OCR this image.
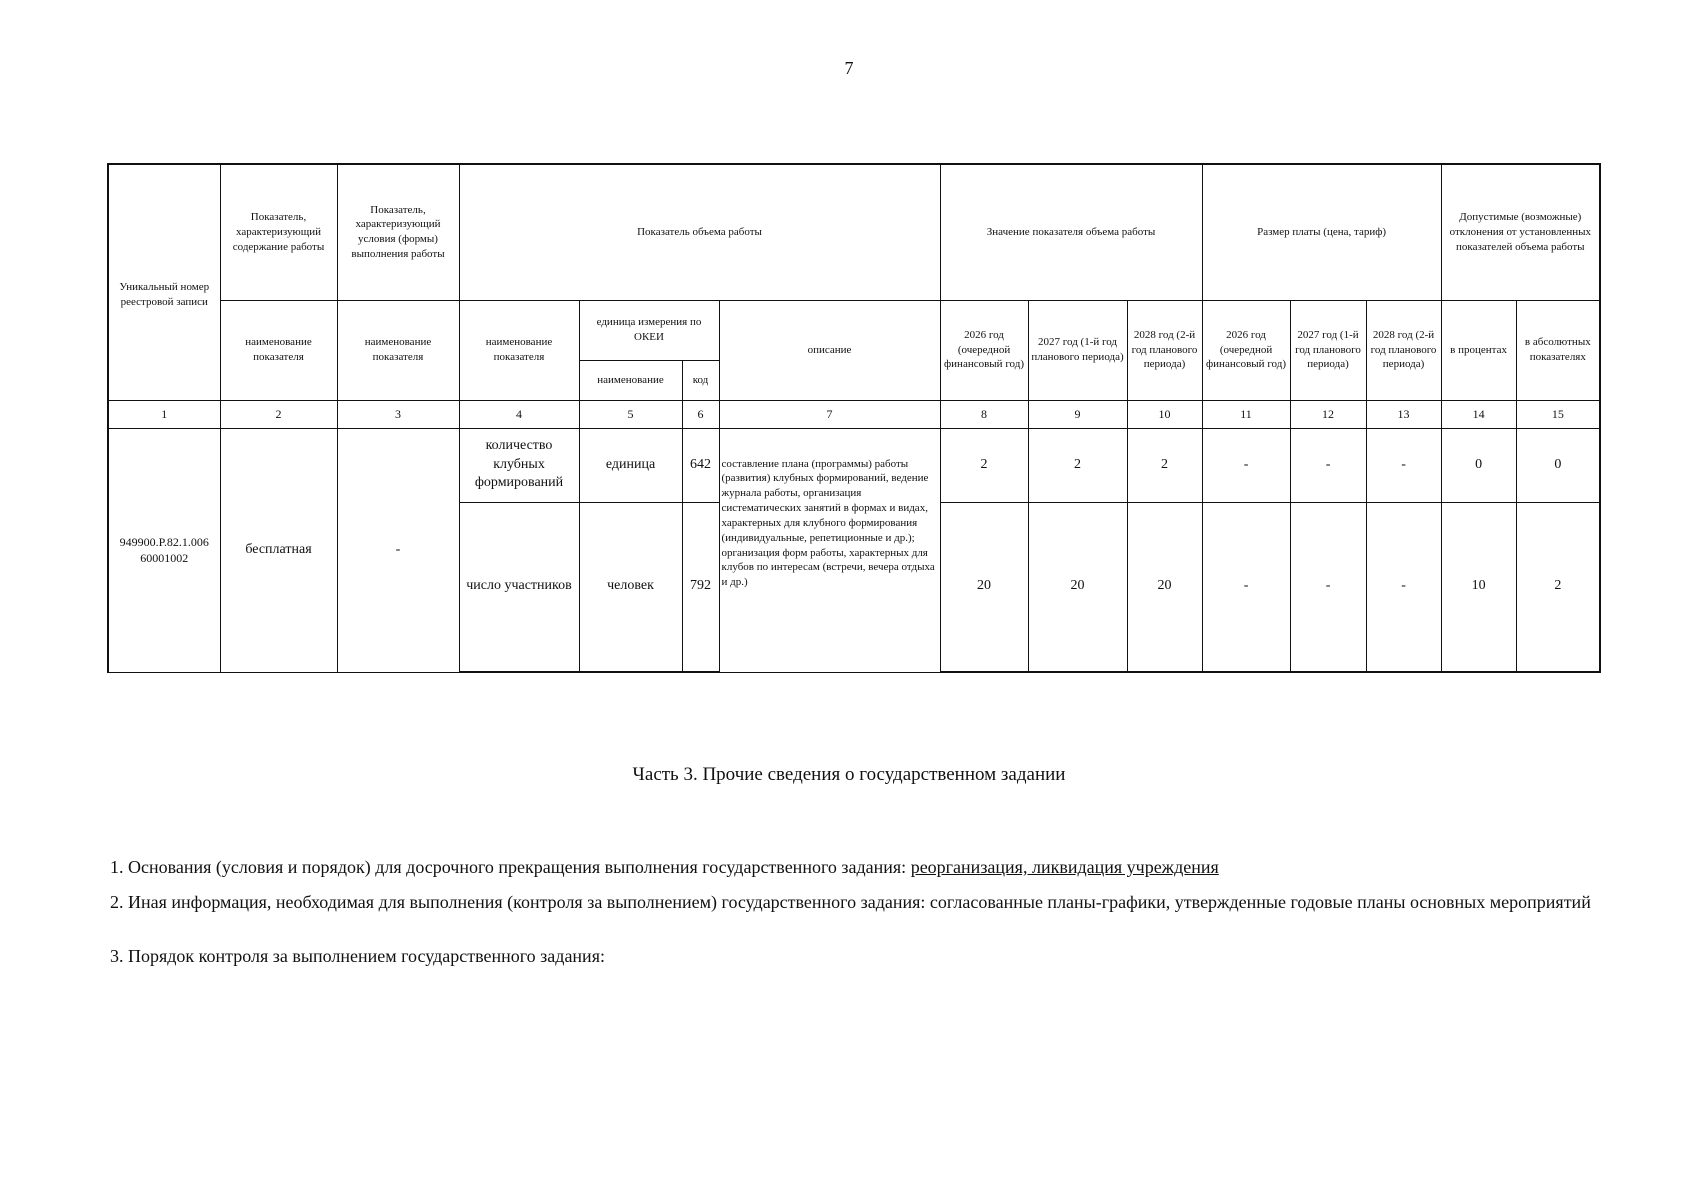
7
Уникальный номер реестровой записи	Показатель, характеризующий содержание работы	Показатель, характеризующий условия (формы) выполнения работы	Показатель объема работы				Значение показателя объема работы			Размер платы (цена, тариф)			Допустимые (возможные) отклонения от установленных показателей объема работы	
	наименование показателя	наименование показателя	наименование показателя	единица измерения по ОКЕИ		описание	2026 год (очередной финансовый год)	2027 год (1-й год планового периода)	2028 год (2-й год планового периода)	2026 год (очередной финансовый год)	2027 год (1-й год планового периода)	2028 год (2-й год планового периода)	в процентах	в абсолютных показателях
				наименование	код									
1	2	3	4	5	6	7	8	9	10	11	12	13	14	15
949900.Р.82.1.006 60001002	бесплатная	-	количество клубных формирований	единица	642	составление плана (программы) работы (развития) клубных формирований, ведение журнала работы, организация систематических занятий в формах и видах, характерных для клубного формирования (индивидуальные, репетиционные и др.); организация форм работы, характерных для клубов по интересам (встречи, вечера отдыха и др.)	2	2	2	-	-	-	0	0
			число участников	человек	792		20	20	20	-	-	-	10	2
Часть 3. Прочие сведения о государственном задании
1. Основания (условия и порядок) для досрочного прекращения выполнения государственного задания: реорганизация, ликвидация учреждения
2. Иная информация, необходимая для выполнения (контроля за выполнением) государственного задания: согласованные планы-графики, утвержденные годовые планы основных мероприятий
3. Порядок контроля за выполнением государственного задания:
